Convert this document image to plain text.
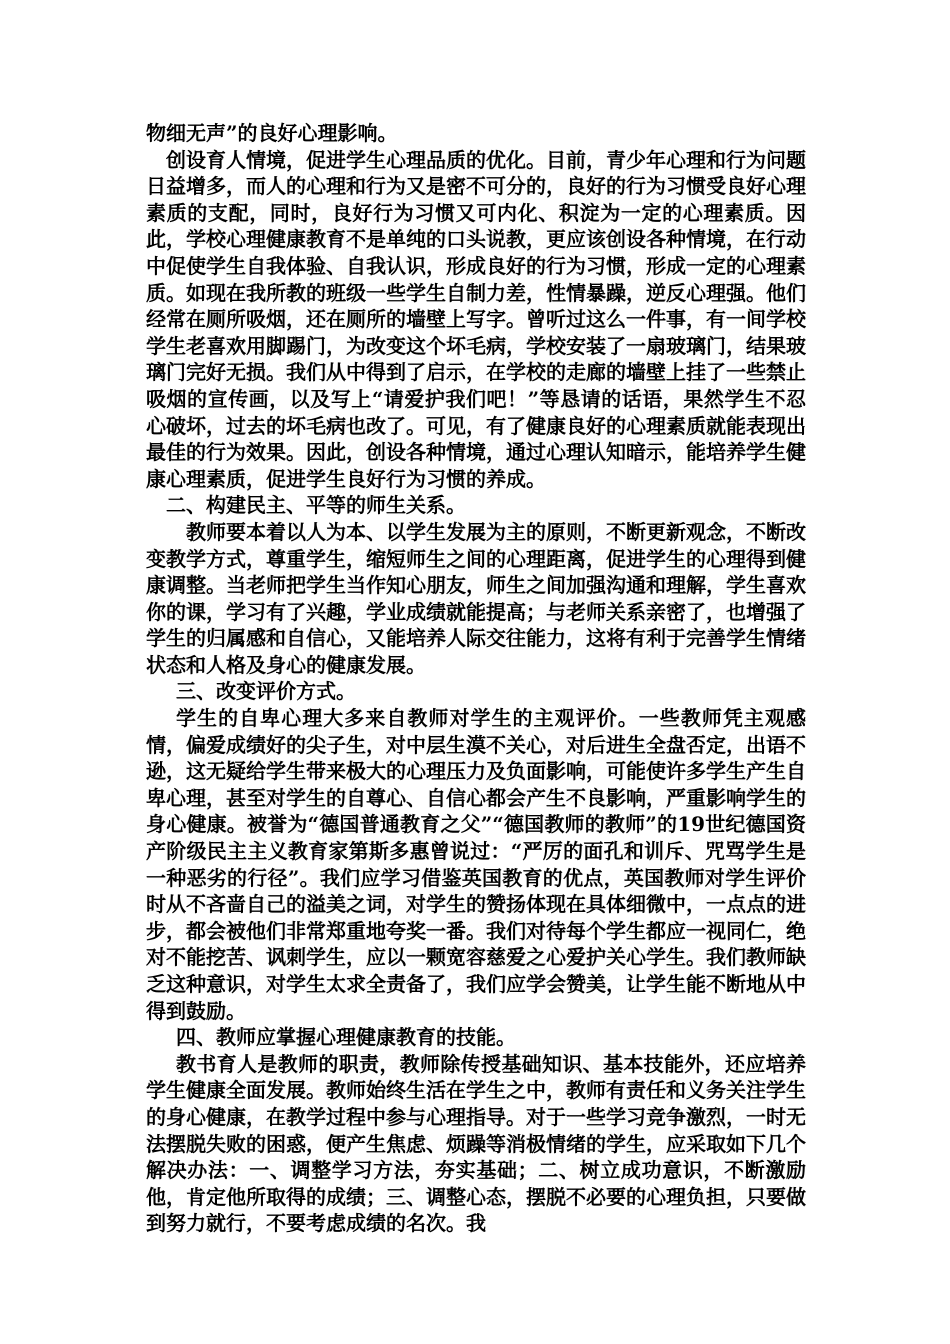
物细无声”的良好心理影响。

创设育人情境，促进学生心理品质的优化。目前，青少年心理和行为问题日益增多，而人的心理和行为又是密不可分的，良好的行为习惯受良好心理素质的支配，同时，良好行为习惯又可内化、积淀为一定的心理素质。因此，学校心理健康教育不是单纯的口头说教，更应该创设各种情境，在行动中促使学生自我体验、自我认识，形成良好的行为习惯，形成一定的心理素质。如现在我所教的班级一些学生自制力差，性情暴躁，逆反心理强。他们经常在厕所吸烟，还在厕所的墙壁上写字。曾听过这么一件事，有一间学校学生老喜欢用脚踢门，为改变这个坏毛病，学校安装了一扇玻璃门，结果玻璃门完好无损。我们从中得到了启示，在学校的走廊的墙壁上挂了一些禁止吸烟的宣传画，以及写上“请爱护我们吧！”等恳请的话语，果然学生不忍心破坏，过去的坏毛病也改了。可见，有了健康良好的心理素质就能表现出最佳的行为效果。因此，创设各种情境，通过心理认知暗示，能培养学生健康心理素质，促进学生良好行为习惯的养成。

二、构建民主、平等的师生关系。

教师要本着以人为本、以学生发展为主的原则，不断更新观念，不断改变教学方式，尊重学生，缩短师生之间的心理距离，促进学生的心理得到健康调整。当老师把学生当作知心朋友，师生之间加强沟通和理解，学生喜欢你的课，学习有了兴趣，学业成绩就能提高；与老师关系亲密了，也增强了学生的归属感和自信心，又能培养人际交往能力，这将有利于完善学生情绪状态和人格及身心的健康发展。

三、改变评价方式。

学生的自卑心理大多来自教师对学生的主观评价。一些教师凭主观感情，偏爱成绩好的尖子生，对中层生漠不关心，对后进生全盘否定，出语不逊，这无疑给学生带来极大的心理压力及负面影响，可能使许多学生产生自卑心理，甚至对学生的自尊心、自信心都会产生不良影响，严重影响学生的身心健康。被誉为“德国普通教育之父”“德国教师的教师”的19世纪德国资产阶级民主主义教育家第斯多惠曾说过：“严厉的面孔和训斥、咒骂学生是一种恶劣的行径”。我们应学习借鉴英国教育的优点，英国教师对学生评价时从不吝啬自己的溢美之词，对学生的赞扬体现在具体细微中，一点点的进步，都会被他们非常郑重地夸奖一番。我们对待每个学生都应一视同仁，绝对不能挖苦、讽刺学生，应以一颗宽容慈爱之心爱护关心学生。我们教师缺乏这种意识，对学生太求全责备了，我们应学会赞美，让学生能不断地从中得到鼓励。

四、教师应掌握心理健康教育的技能。

教书育人是教师的职责，教师除传授基础知识、基本技能外，还应培养学生健康全面发展。教师始终生活在学生之中，教师有责任和义务关注学生的身心健康，在教学过程中参与心理指导。对于一些学习竞争激烈，一时无法摆脱失败的困惑，便产生焦虑、烦躁等消极情绪的学生，应采取如下几个解决办法：一、调整学习方法，夯实基础；二、树立成功意识，不断激励他，肯定他所取得的成绩；三、调整心态，摆脱不必要的心理负担，只要做到努力就行，不要考虑成绩的名次。我
